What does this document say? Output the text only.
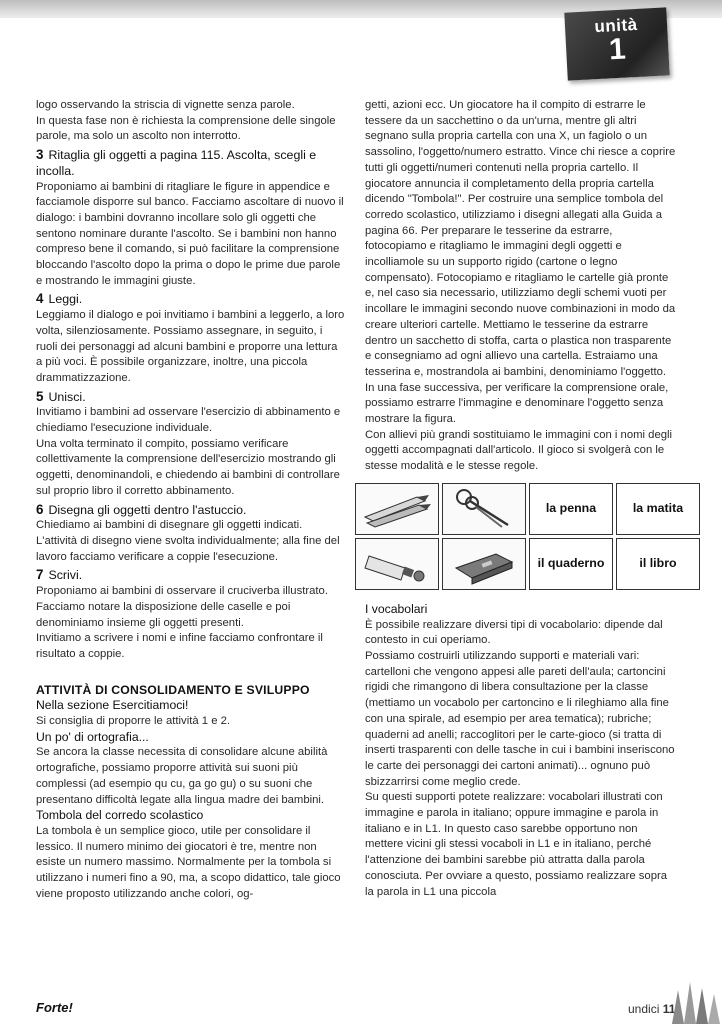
unità
1

logo osservando la striscia di vignette senza parole.

In questa fase non è richiesta la comprensione delle singole parole, ma solo un ascolto non interrotto.

3 Ritaglia gli oggetti a pagina 115. Ascolta, scegli e incolla.

Proponiamo ai bambini di ritagliare le figure in appendice e facciamole disporre sul banco. Facciamo ascoltare di nuovo il dialogo: i bambini dovranno incollare solo gli oggetti che sentono nominare durante l'ascolto. Se i bambini non hanno compreso bene il comando, si può facilitare la comprensione bloccando l'ascolto dopo la prima o dopo le prime due parole e mostrando le immagini giuste.

4 Leggi.

Leggiamo il dialogo e poi invitiamo i bambini a leggerlo, a loro volta, silenziosamente. Possiamo assegnare, in seguito, i ruoli dei personaggi ad alcuni bambini e proporre una lettura a più voci. È possibile organizzare, inoltre, una piccola drammatizzazione.

5 Unisci.

Invitiamo i bambini ad osservare l'esercizio di abbinamento e chiediamo l'esecuzione individuale.

Una volta terminato il compito, possiamo verificare collettivamente la comprensione dell'esercizio mostrando gli oggetti, denominandoli, e chiedendo ai bambini di controllare sul proprio libro il corretto abbinamento.

6 Disegna gli oggetti dentro l'astuccio.

Chiediamo ai bambini di disegnare gli oggetti indicati. L'attività di disegno viene svolta individualmente; alla fine del lavoro facciamo verificare a coppie l'esecuzione.

7 Scrivi.

Proponiamo ai bambini di osservare il cruciverba illustrato. Facciamo notare la disposizione delle caselle e poi denominiamo insieme gli oggetti presenti.

Invitiamo a scrivere i nomi e infine facciamo confrontare il risultato a coppie.

ATTIVITÀ DI CONSOLIDAMENTO E SVILUPPO

Nella sezione Esercitiamoci!

Si consiglia di proporre le attività 1 e 2.

Un po' di ortografia...

Se ancora la classe necessita di consolidare alcune abilità ortografiche, possiamo proporre attività sui suoni più complessi (ad esempio qu cu, ga go gu) o su suoni che presentano difficoltà legate alla lingua madre dei bambini.

Tombola del corredo scolastico

La tombola è un semplice gioco, utile per consolidare il lessico. Il numero minimo dei giocatori è tre, mentre non esiste un numero massimo. Normalmente per la tombola si utilizzano i numeri fino a 90, ma, a scopo didattico, tale gioco viene proposto utilizzando anche colori, og-

getti, azioni ecc. Un giocatore ha il compito di estrarre le tessere da un sacchettino o da un'urna, mentre gli altri segnano sulla propria cartella con una X, un fagiolo o un sassolino, l'oggetto/numero estratto. Vince chi riesce a coprire tutti gli oggetti/numeri contenuti nella propria cartello. Il giocatore annuncia il completamento della propria cartella dicendo "Tombola!". Per costruire una semplice tombola del corredo scolastico, utilizziamo i disegni allegati alla Guida a pagina 66. Per preparare le tesserine da estrarre, fotocopiamo e ritagliamo le immagini degli oggetti e incolliamole su un supporto rigido (cartone o legno compensato). Fotocopiamo e ritagliamo le cartelle già pronte e, nel caso sia necessario, utilizziamo degli schemi vuoti per incollare le immagini secondo nuove combinazioni in modo da creare ulteriori cartelle. Mettiamo le tesserine da estrarre dentro un sacchetto di stoffa, carta o plastica non trasparente e consegniamo ad ogni allievo una cartella. Estraiamo una tesserina e, mostrandola ai bambini, denominiamo l'oggetto.

In una fase successiva, per verificare la comprensione orale, possiamo estrarre l'immagine e denominare l'oggetto senza mostrare la figura.

Con allievi più grandi sostituiamo le immagini con i nomi degli oggetti accompagnati dall'articolo. Il gioco si svolgerà con le stesse modalità e le stesse regole.

la penna	la matita
il quaderno	il libro

I vocabolari

È possibile realizzare diversi tipi di vocabolario: dipende dal contesto in cui operiamo.

Possiamo costruirli utilizzando supporti e materiali vari: cartelloni che vengono appesi alle pareti dell'aula; cartoncini rigidi che rimangono di libera consultazione per la classe (mettiamo un vocabolo per cartoncino e li rileghiamo alla fine con una spirale, ad esempio per area tematica); rubriche; quaderni ad anelli; raccoglitori per le carte-gioco (si tratta di inserti trasparenti con delle tasche in cui i bambini inseriscono le carte dei personaggi dei cartoni animati)... ognuno può sbizzarrirsi come meglio crede.

Su questi supporti potete realizzare: vocabolari illustrati con immagine e parola in italiano; oppure immagine e parola in italiano e in L1. In questo caso sarebbe opportuno non mettere vicini gli stessi vocaboli in L1 e in italiano, perché l'attenzione dei bambini sarebbe più attratta dalla parola conosciuta. Per ovviare a questo, possiamo realizzare sopra la parola in L1 una piccola

Forte!	undici 11
